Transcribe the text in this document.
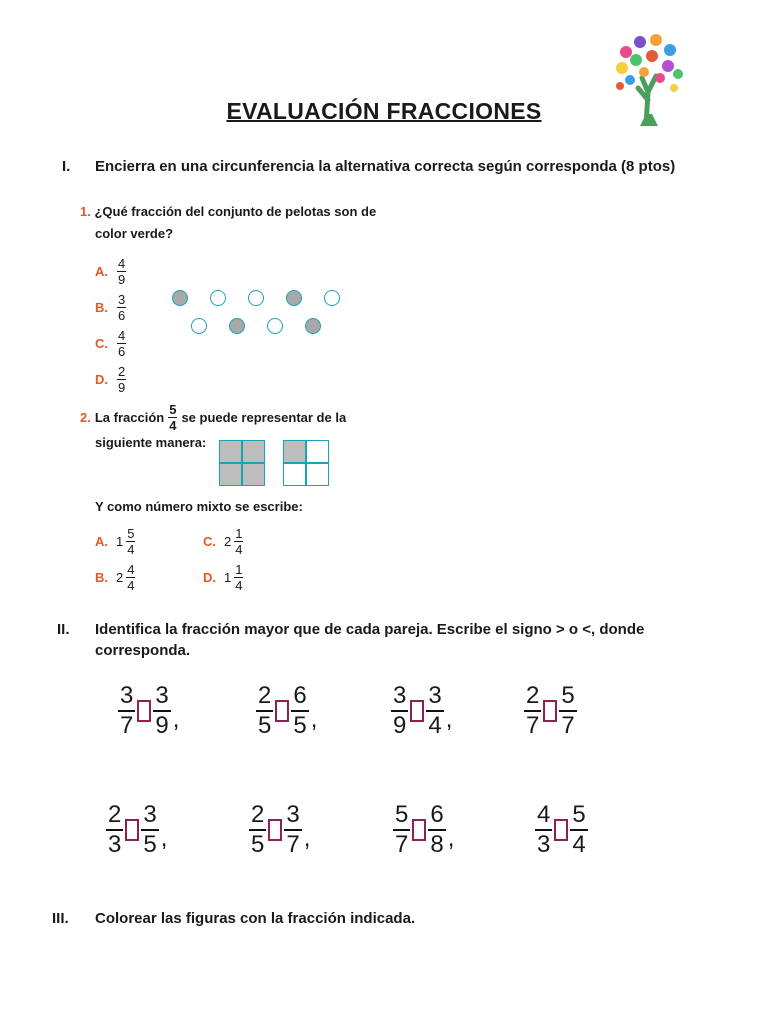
EVALUACIÓN FRACCIONES
I. Encierra en una circunferencia la alternativa correcta según corresponda (8 ptos)
1. ¿Qué fracción del conjunto de pelotas son de
color verde?
A. $\frac{4}{9}$
B. $\frac{3}{6}$
C. $\frac{4}{6}$
D. $\frac{2}{9}$
2. La fracción $\frac{5}{4}$ se puede representar de la
siguiente manera:
Y como número mixto se escribe:
A. $1 \frac{5}{4}$
B. $2 \frac{4}{4}$
C. $2 \frac{1}{4}$
D. $1 \frac{1}{4}$
II. Identifica la fracción mayor que de cada pareja. Escribe el signo > o <, donde
corresponda.
3
7
3
9 ,
2
5
6
5 ,
3
9
3
4 ,
2
7
5
7
2
3
3
5 ,
2
5
3
7 ,
5
7
6
8 ,
4
3
5
4
III. Colorear las figuras con la fracción indicada.
